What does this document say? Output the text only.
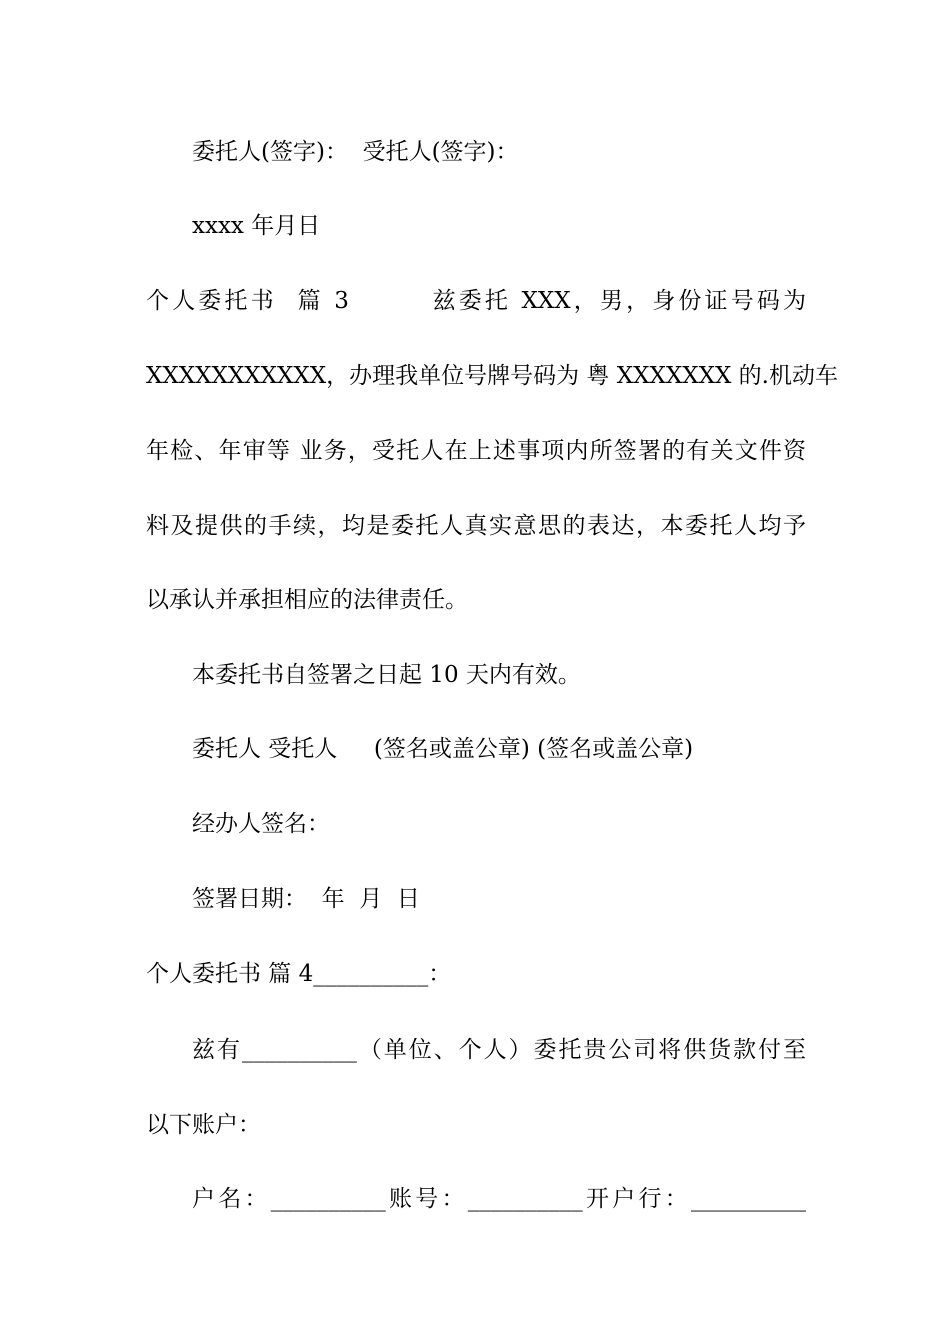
委托人(签字)：  受托人(签字)：
xxxx 年月日
个人委托书  篇 3        兹委托 XXX，男，身份证号码为
XXXXXXXXXXX，办理我单位号牌号码为 粤 XXXXXXX 的.机动车
年检、年审等 业务，受托人在上述事项内所签署的有关文件资
料及提供的手续，均是委托人真实意思的表达，本委托人均予
以承认并承担相应的法律责任。
本委托书自签署之日起 10 天内有效。
委托人 受托人     (签名或盖公章) (签名或盖公章)
经办人签名：
签署日期：  年  月  日
个人委托书 篇 4__________：
兹有__________（单位、个人）委托贵公司将供货款付至
以下账户：
户名：__________账号：__________开户行：__________
